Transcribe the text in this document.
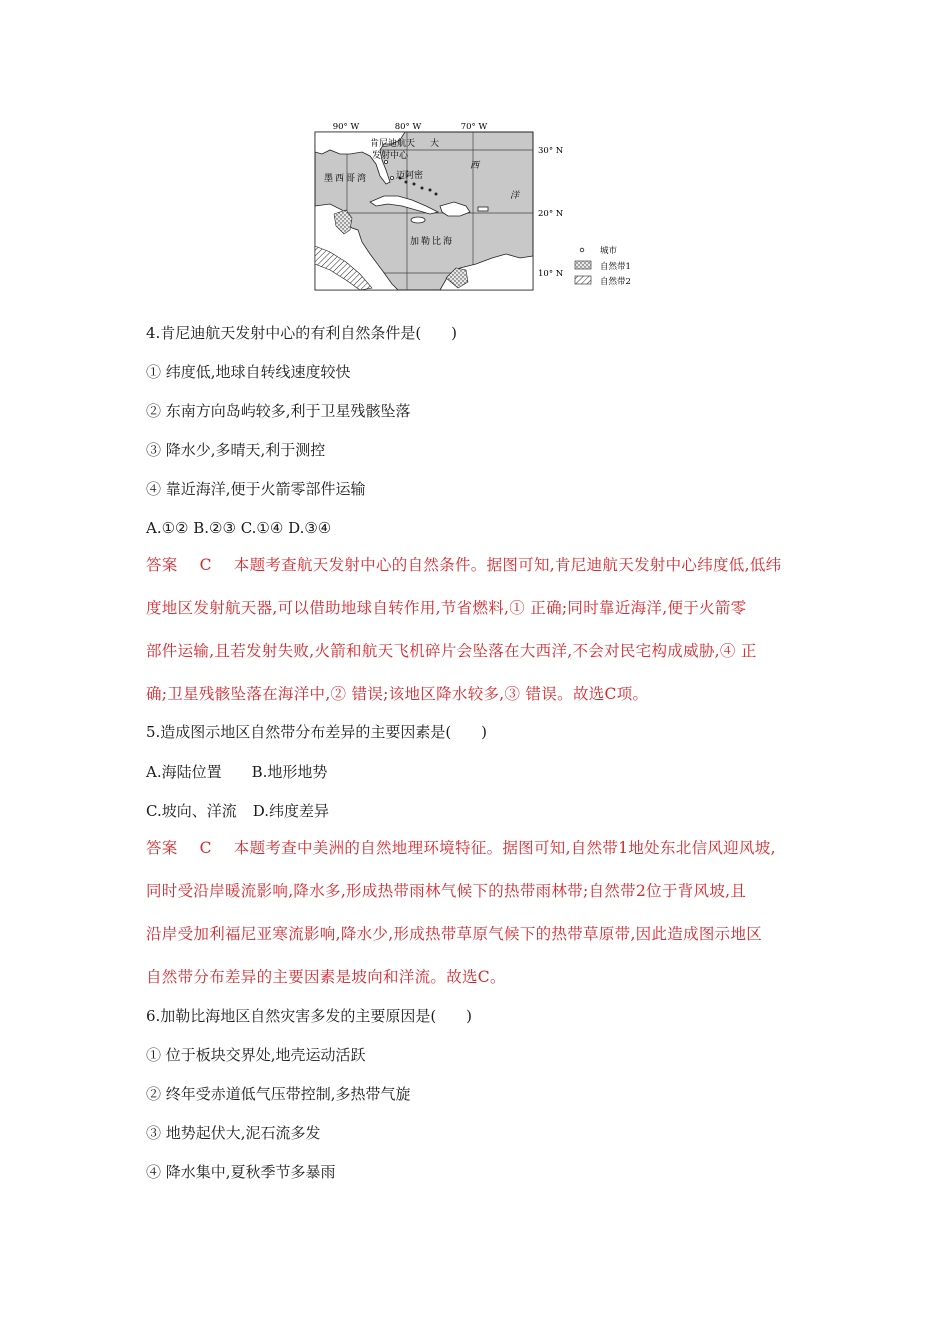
90° W	80° W	70° W
30° N
20° N
10° N
肯尼迪航天
发射中心
大
西
洋
墨西哥湾	迈阿密
加勒比海
城市
自然带1
自然带2
4.肯尼迪航天发射中心的有利自然条件是(　　)
① 纬度低,地球自转线速度较快
② 东南方向岛屿较多,利于卫星残骸坠落
③ 降水少,多晴天,利于测控
④ 靠近海洋,便于火箭零部件运输
A.①② B.②③ C.①④ D.③④
答案 C 本题考查航天发射中心的自然条件。据图可知,肯尼迪航天发射中心纬度低,低纬
度地区发射航天器,可以借助地球自转作用,节省燃料,① 正确;同时靠近海洋,便于火箭零
部件运输,且若发射失败,火箭和航天飞机碎片会坠落在大西洋,不会对民宅构成威胁,④ 正
确;卫星残骸坠落在海洋中,② 错误;该地区降水较多,③ 错误。故选C项。
5.造成图示地区自然带分布差异的主要因素是(　　)
A.海陆位置 B.地形地势
C.坡向、洋流 D.纬度差异
答案 C 本题考查中美洲的自然地理环境特征。据图可知,自然带1地处东北信风迎风坡,
同时受沿岸暖流影响,降水多,形成热带雨林气候下的热带雨林带;自然带2位于背风坡,且
沿岸受加利福尼亚寒流影响,降水少,形成热带草原气候下的热带草原带,因此造成图示地区
自然带分布差异的主要因素是坡向和洋流。故选C。
6.加勒比海地区自然灾害多发的主要原因是(　　)
① 位于板块交界处,地壳运动活跃
② 终年受赤道低气压带控制,多热带气旋
③ 地势起伏大,泥石流多发
④ 降水集中,夏秋季节多暴雨
